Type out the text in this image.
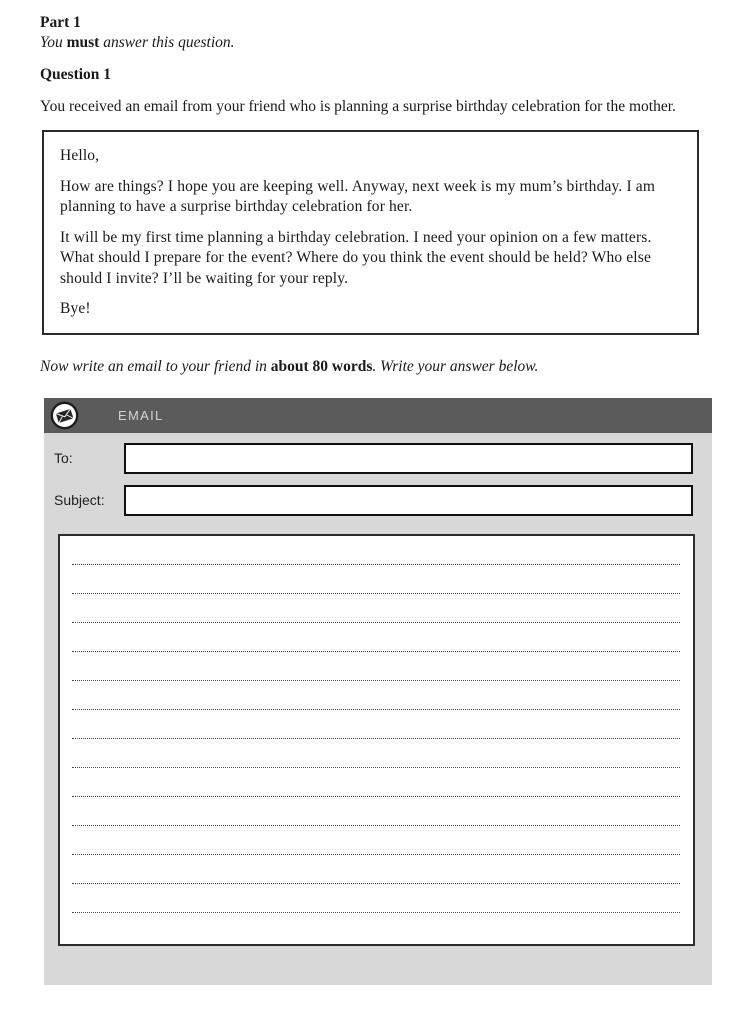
Part 1

You must answer this question.

Question 1

You received an email from your friend who is planning a surprise birthday celebration for the mother.

Hello,

How are things? I hope you are keeping well. Anyway, next week is my mum’s birthday. I am planning to have a surprise birthday celebration for her.

It will be my first time planning a birthday celebration. I need your opinion on a few matters. What should I prepare for the event? Where do you think the event should be held? Who else should I invite? I’ll be waiting for your reply.

Bye!

Now write an email to your friend in about 80 words. Write your answer below.

EMAIL
To:
Subject:
